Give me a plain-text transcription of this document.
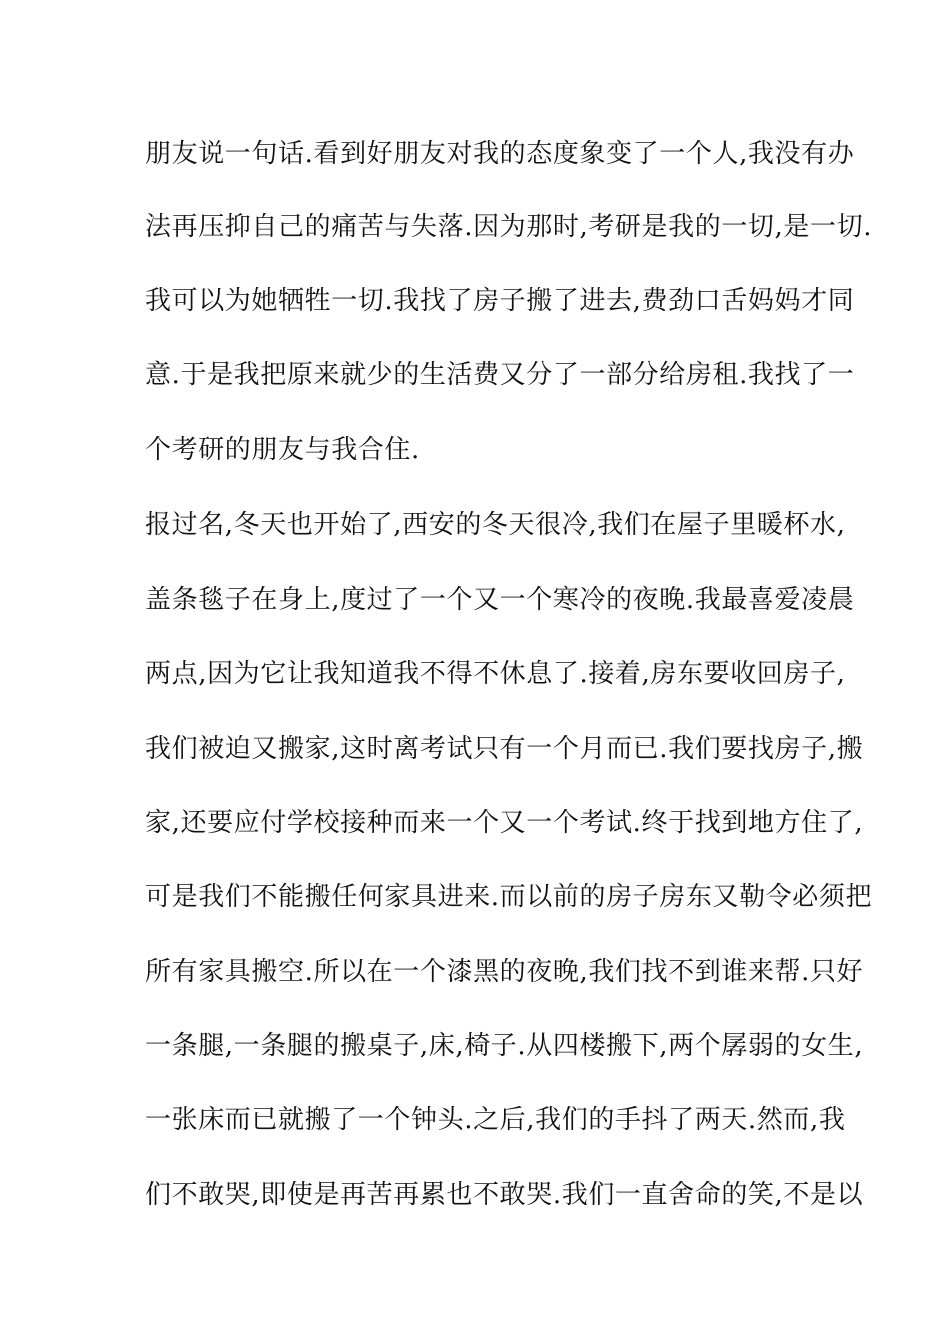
朋友说一句话.看到好朋友对我的态度象变了一个人,我没有办
法再压抑自己的痛苦与失落.因为那时,考研是我的一切,是一切.
我可以为她牺牲一切.我找了房子搬了进去,费劲口舌妈妈才同
意.于是我把原来就少的生活费又分了一部分给房租.我找了一
个考研的朋友与我合住.
报过名,冬天也开始了,西安的冬天很冷,我们在屋子里暖杯水,
盖条毯子在身上,度过了一个又一个寒冷的夜晚.我最喜爱凌晨
两点,因为它让我知道我不得不休息了.接着,房东要收回房子,
我们被迫又搬家,这时离考试只有一个月而已.我们要找房子,搬
家,还要应付学校接种而来一个又一个考试.终于找到地方住了,
可是我们不能搬任何家具进来.而以前的房子房东又勒令必须把
所有家具搬空.所以在一个漆黑的夜晚,我们找不到谁来帮.只好
一条腿,一条腿的搬桌子,床,椅子.从四楼搬下,两个孱弱的女生,
一张床而已就搬了一个钟头.之后,我们的手抖了两天.然而,我
们不敢哭,即使是再苦再累也不敢哭.我们一直舍命的笑,不是以
